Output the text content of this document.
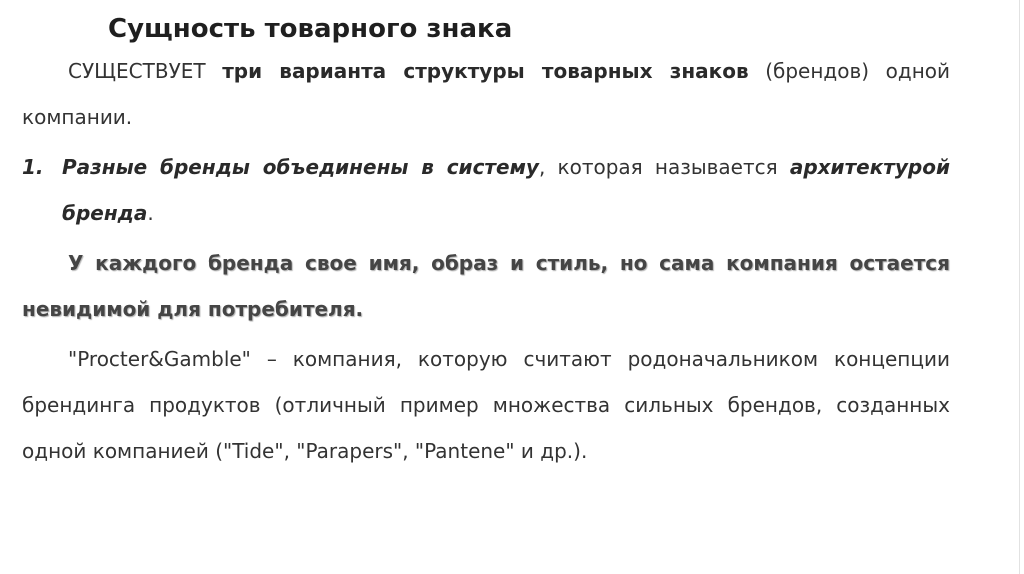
Сущность товарного знака

СУЩЕСТВУЕТ три варианта структуры товарных знаков (брендов) одной компании.

1. Разные бренды объединены в систему, которая называется архитектурой бренда.

У каждого бренда свое имя, образ и стиль, но сама компания остается невидимой для потребителя.

"Procter&Gamble" – компания, которую считают родоначальником концепции брендинга продуктов (отличный пример множества сильных брендов, созданных одной компанией ("Tide", "Parapers", "Pantene" и др.).
